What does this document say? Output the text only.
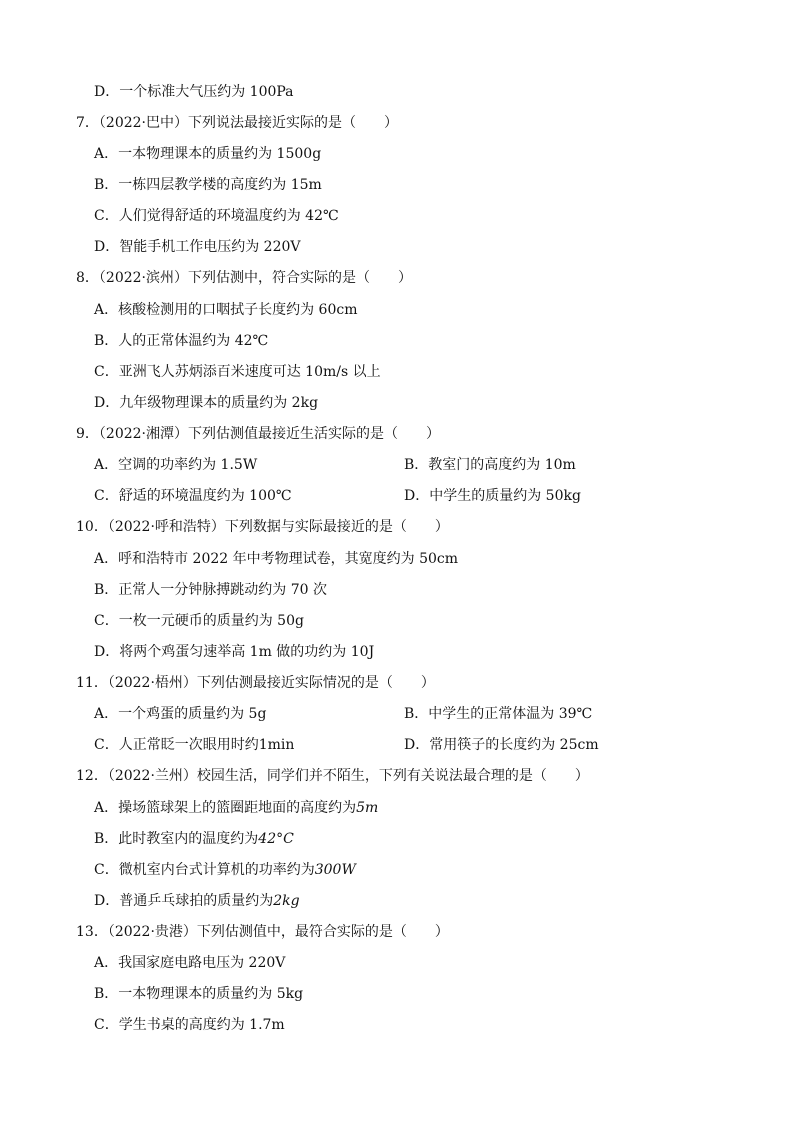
D．一个标准大气压约为 100Pa
7．（2022·巴中）下列说法最接近实际的是（　　）
A．一本物理课本的质量约为 1500g
B．一栋四层教学楼的高度约为 15m
C．人们觉得舒适的环境温度约为 42℃
D．智能手机工作电压约为 220V
8．（2022·滨州）下列估测中，符合实际的是（　　）
A．核酸检测用的口咽拭子长度约为 60cm
B．人的正常体温约为 42℃
C．亚洲飞人苏炳添百米速度可达 10m/s 以上
D．九年级物理课本的质量约为 2kg
9．（2022·湘潭）下列估测值最接近生活实际的是（　　）
A．空调的功率约为 1.5W	B．教室门的高度约为 10m
C．舒适的环境温度约为 100℃	D．中学生的质量约为 50kg
10．（2022·呼和浩特）下列数据与实际最接近的是（　　）
A．呼和浩特市 2022 年中考物理试卷，其宽度约为 50cm
B．正常人一分钟脉搏跳动约为 70 次
C．一枚一元硬币的质量约为 50g
D．将两个鸡蛋匀速举高 1m 做的功约为 10J
11．（2022·梧州）下列估测最接近实际情况的是（　　）
A．一个鸡蛋的质量约为 5g	B．中学生的正常体温为 39℃
C．人正常眨一次眼用时约1min	D．常用筷子的长度约为 25cm
12．（2022·兰州）校园生活，同学们并不陌生，下列有关说法最合理的是（　　）
A．操场篮球架上的篮圈距地面的高度约为5m
B．此时教室内的温度约为42°C
C．微机室内台式计算机的功率约为300W
D．普通乒乓球拍的质量约为2kg
13．（2022·贵港）下列估测值中，最符合实际的是（　　）
A．我国家庭电路电压为 220V
B．一本物理课本的质量约为 5kg
C．学生书桌的高度约为 1.7m
